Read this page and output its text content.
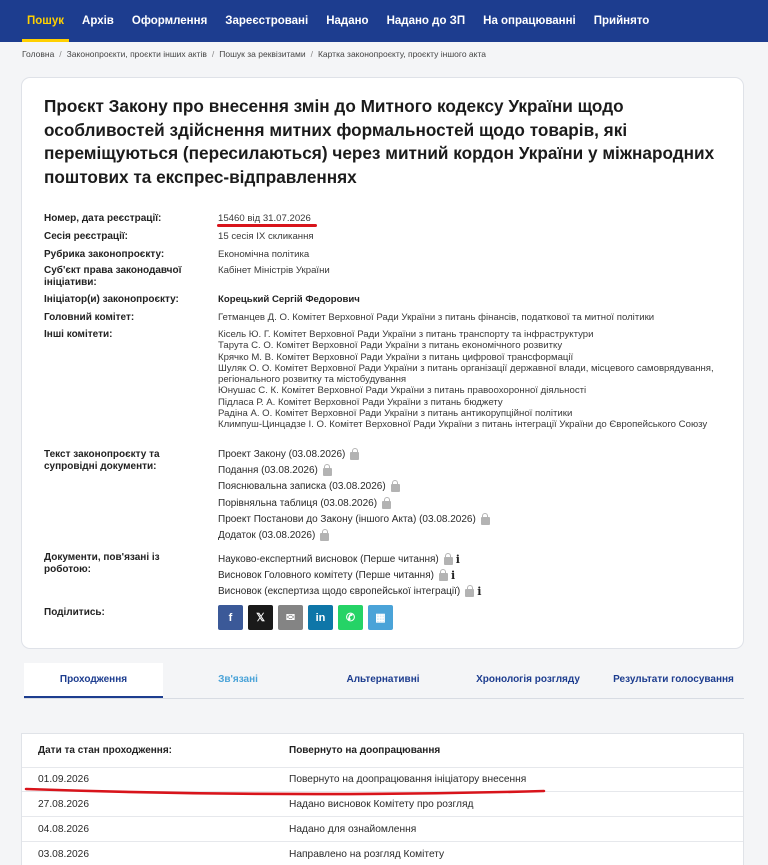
Пошук	Архів	Оформлення	Зареєстровані	Надано	Надано до ЗП	На опрацюванні	Прийнято
Головна / Законопроєкти, проєкти інших актів / Пошук за реквізитами / Картка законопроєкту, проєкту іншого акта
Проєкт Закону про внесення змін до Митного кодексу України щодо особливостей здійснення митних формальностей щодо товарів, які переміщуються (пересилаються) через митний кордон України у міжнародних поштових та експрес-відправленнях
Номер, дата реєстрації:	15460 від 31.07.2026
Сесія реєстрації:	15 сесія IX скликання
Рубрика законопроєкту:	Економічна політика
Суб'єкт права законодавчої ініціативи:
Кабінет Міністрів України
Ініціатор(и) законопроєкту:	Корецький Сергій Федорович
Головний комітет:	Гетманцев Д. О. Комітет Верховної Ради України з питань фінансів, податкової та митної політики
Інші комітети:	Кісель Ю. Г. Комітет Верховної Ради України з питань транспорту та інфраструктури
Тарута С. О. Комітет Верховної Ради України з питань економічного розвитку
Крячко М. В. Комітет Верховної Ради України з питань цифрової трансформації
Шуляк О. О. Комітет Верховної Ради України з питань організації державної влади, місцевого самоврядування, регіонального розвитку та містобудування
Юнушас С. К. Комітет Верховної Ради України з питань правоохоронної діяльності
Підласа Р. А. Комітет Верховної Ради України з питань бюджету
Радіна А. О. Комітет Верховної Ради України з питань антикорупційної політики
Климпуш-Цинцадзе І. О. Комітет Верховної Ради України з питань інтеграції України до Європейського Союзу
Текст законопроєкту та супровідні документи:
Проект Закону (03.08.2026)
Подання (03.08.2026)
Пояснювальна записка (03.08.2026)
Порівняльна таблиця (03.08.2026)
Проект Постанови до Закону (іншого Акта) (03.08.2026)
Додаток (03.08.2026)
Документи, пов'язані із роботою:
Науково-експертний висновок (Перше читання) i
Висновок Головного комітету (Перше читання) i
Висновок (експертиза щодо європейської інтеграції) i
Поділитись:	f	𝕏	✉	in	✆	▦
Проходження	Зв'язані	Альтернативні	Хронологія розгляду	Результати голосування
Дати та стан проходження:	Повернуто на доопрацювання
01.09.2026	Повернуто на доопрацювання ініціатору внесення
27.08.2026	Надано висновок Комітету про розгляд
04.08.2026	Надано для ознайомлення
03.08.2026	Направлено на розгляд Комітету
